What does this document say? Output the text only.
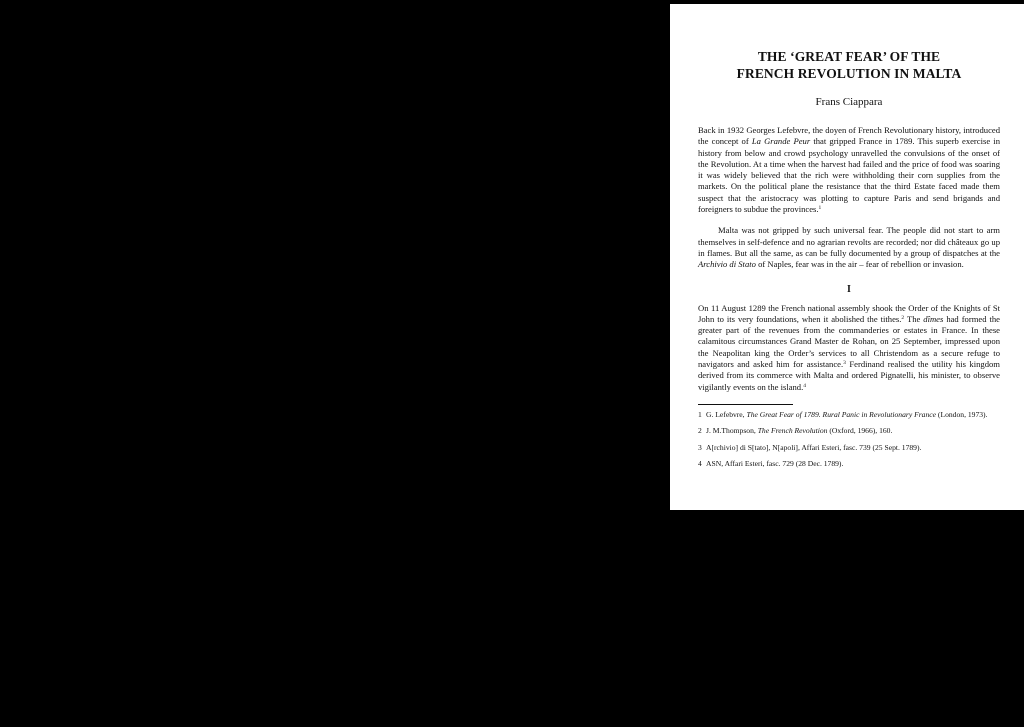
THE ‘GREAT FEAR’ OF THE
FRENCH REVOLUTION IN MALTA
Frans Ciappara

Back in 1932 Georges Lefebvre, the doyen of French Revolutionary history, introduced the concept of La Grande Peur that gripped France in 1789. This superb exercise in history from below and crowd psychology unravelled the convulsions of the onset of the Revolution. At a time when the harvest had failed and the price of food was soaring it was widely believed that the rich were withholding their corn supplies from the markets. On the political plane the resistance that the third Estate faced made them suspect that the aristocracy was plotting to capture Paris and send brigands and foreigners to subdue the provinces.$^1$

Malta was not gripped by such universal fear. The people did not start to arm themselves in self-defence and no agrarian revolts are recorded; nor did châteaux go up in flames. But all the same, as can be fully documented by a group of dispatches at the Archivio di Stato of Naples, fear was in the air – fear of rebellion or invasion.

I

On 11 August 1289 the French national assembly shook the Order of the Knights of St John to its very foundations, when it abolished the tithes.$^2$ The dîmes had formed the greater part of the revenues from the commanderies or estates in France. In these calamitous circumstances Grand Master de Rohan, on 25 September, impressed upon the Neapolitan king the Order’s services to all Christendom as a secure refuge to navigators and asked him for assistance.$^3$ Ferdinand realised the utility his kingdom derived from its commerce with Malta and ordered Pignatelli, his minister, to observe vigilantly events on the island.$^4$

1 G. Lefebvre, The Great Fear of 1789. Rural Panic in Revolutionary France (London, 1973).

2 J. M.Thompson, The French Revolution (Oxford, 1966), 160.

3 A[rchivio] di S[tato], N[apoli], Affari Esteri, fasc. 739 (25 Sept. 1789).

4 ASN, Affari Esteri, fasc. 729 (28 Dec. 1789).
